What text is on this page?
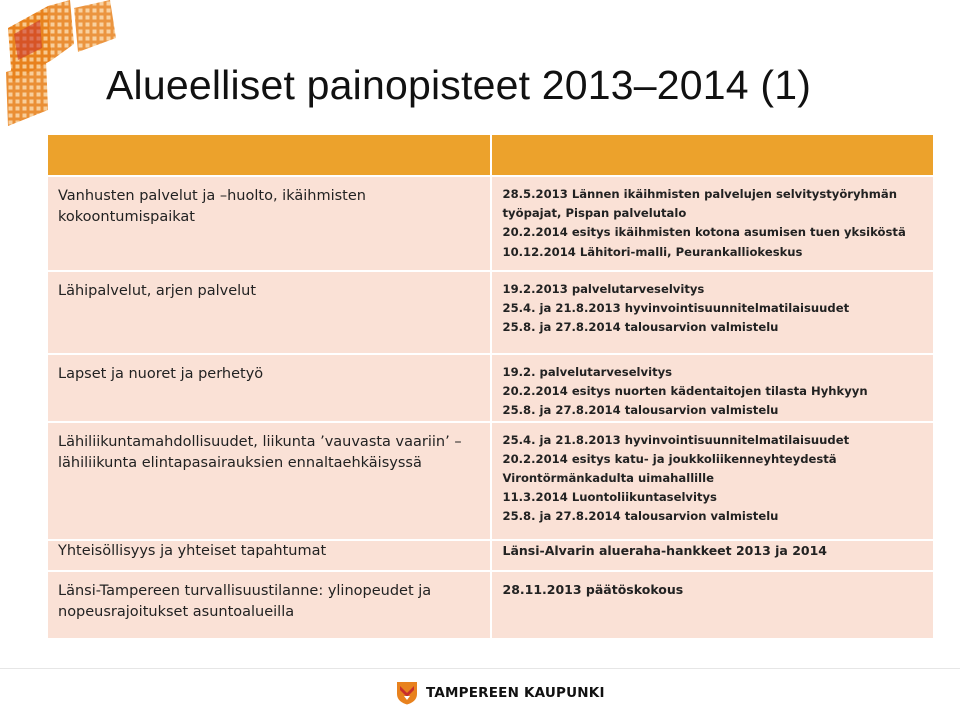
Alueelliset painopisteet 2013–2014 (1)

Vanhusten palvelut ja –huolto, ikäihmisten
kokoontumispaikat	28.5.2013 Lännen ikäihmisten palvelujen selvitystyöryhmän
työpajat, Pispan palvelutalo
20.2.2014 esitys ikäihmisten kotona asumisen tuen yksiköstä
10.12.2014 Lähitori-malli, Peurankalliokeskus

Lähipalvelut, arjen palvelut	19.2.2013 palvelutarveselvitys
25.4. ja 21.8.2013 hyvinvointisuunnitelmatilaisuudet
25.8. ja 27.8.2014 talousarvion valmistelu

Lapset ja nuoret ja perhetyö	19.2. palvelutarveselvitys
20.2.2014 esitys nuorten kädentaitojen tilasta Hyhkyyn
25.8. ja 27.8.2014 talousarvion valmistelu

Lähiliikuntamahdollisuudet, liikunta ’vauvasta vaariin’ –
lähiliikunta elintapasairauksien ennaltaehkäisyssä	25.4. ja 21.8.2013 hyvinvointisuunnitelmatilaisuudet
20.2.2014 esitys katu- ja joukkoliikenneyhteydestä
Virontörmänkadulta uimahallille
11.3.2014 Luontoliikuntaselvitys
25.8. ja 27.8.2014 talousarvion valmistelu

Yhteisöllisyys ja yhteiset tapahtumat	Länsi-Alvarin alueraha-hankkeet 2013 ja 2014

Länsi-Tampereen turvallisuustilanne: ylinopeudet ja
nopeusrajoitukset asuntoalueilla	28.11.2013 päätöskokous
TAMPEREEN KAUPUNKI
